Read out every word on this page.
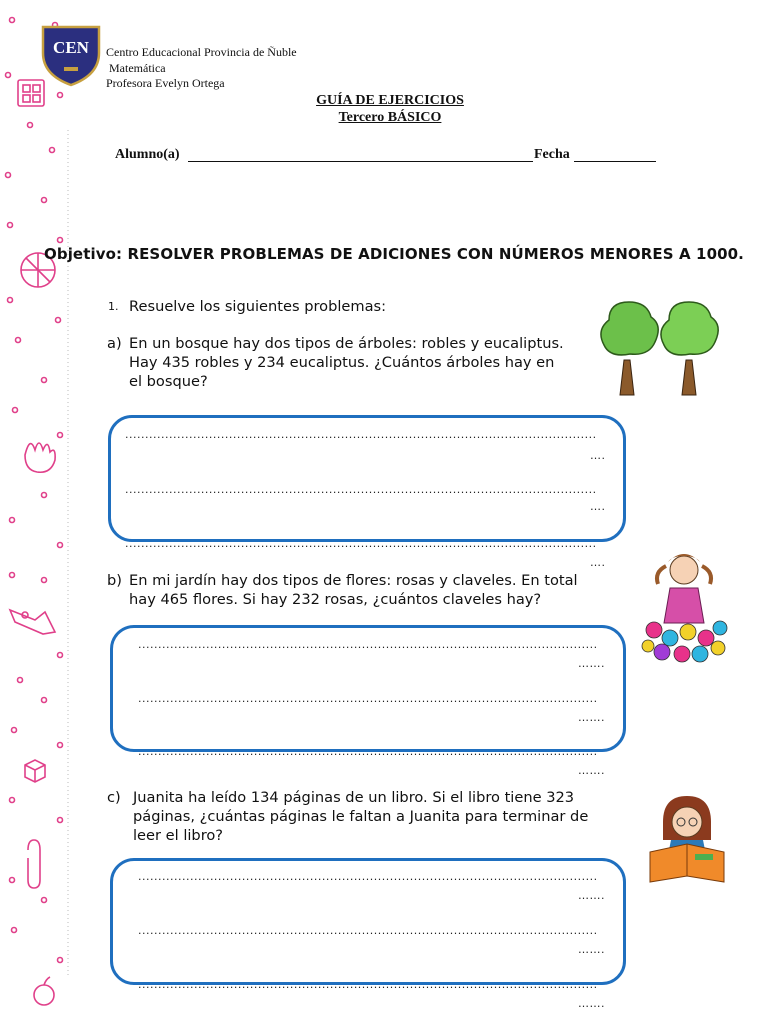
CEN Centro Educacional Provincia de Ñuble
Matemática
Profesora Evelyn Ortega
GUÍA DE EJERCICIOS
Tercero BÁSICO
Alumno(a)	Fecha
Objetivo: RESOLVER PROBLEMAS DE ADICIONES CON NÚMEROS MENORES A 1000.
1. Resuelve los siguientes problemas:
a) En un bosque hay dos tipos de árboles: robles y eucaliptus.
Hay 435 robles y 234 eucaliptus. ¿Cuántos árboles hay en
el bosque?
......................................................................................................................
….
......................................................................................................................
….
......................................................................................................................
….
b) En mi jardín hay dos tipos de flores: rosas y claveles. En total
hay 465 flores. Si hay 232 rosas, ¿cuántos claveles hay?
...................................................................................................................
…….
...................................................................................................................
…….
...................................................................................................................
…….
c) Juanita ha leído 134 páginas de un libro. Si el libro tiene 323
páginas, ¿cuántas páginas le faltan a Juanita para terminar de
leer el libro?
...................................................................................................................
…….
...................................................................................................................
…….
...................................................................................................................
…….
